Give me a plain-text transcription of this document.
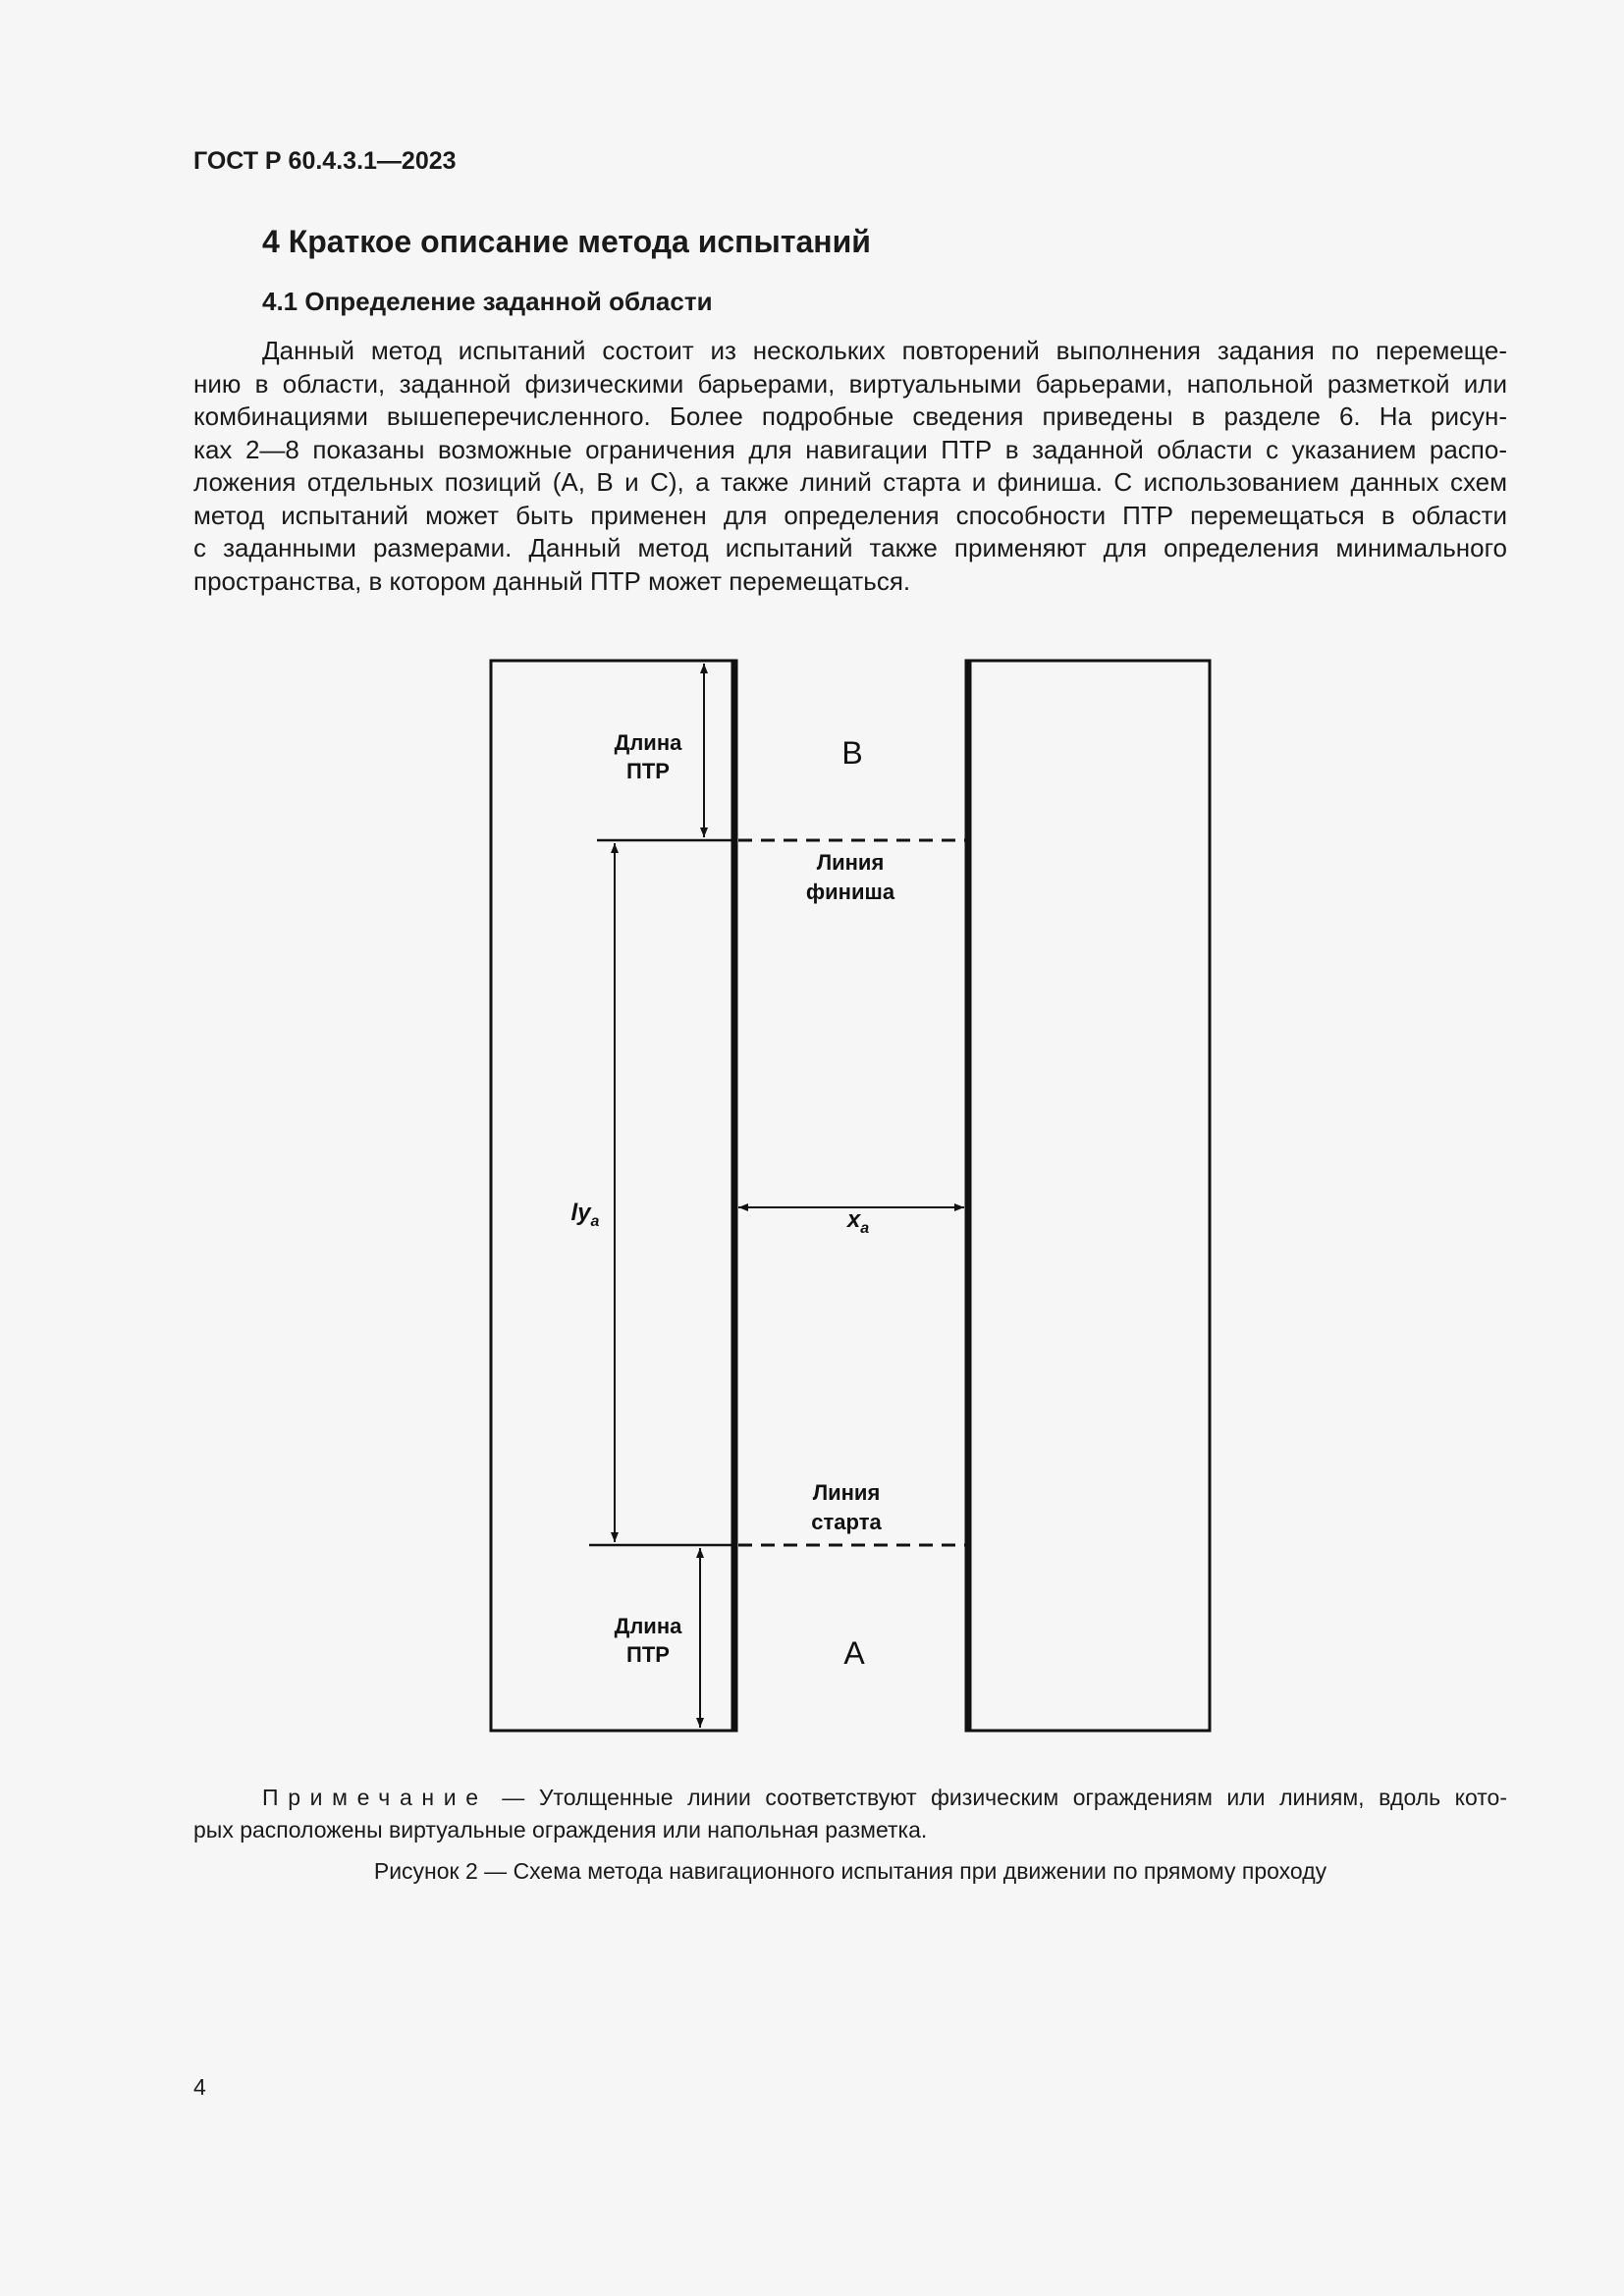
ГОСТ Р 60.4.3.1—2023
4 Краткое описание метода испытаний
4.1 Определение заданной области
Данный метод испытаний состоит из нескольких повторений выполнения задания по перемеще-
нию в области, заданной физическими барьерами, виртуальными барьерами, напольной разметкой или
комбинациями вышеперечисленного. Более подробные сведения приведены в разделе 6. На рисун-
ках 2—8 показаны возможные ограничения для навигации ПТР в заданной области с указанием распо-
ложения отдельных позиций (А, В и С), а также линий старта и финиша. С использованием данных схем
метод испытаний может быть применен для определения способности ПТР перемещаться в области
с заданными размерами. Данный метод испытаний также применяют для определения минимального
пространства, в котором данный ПТР может перемещаться.
Длина
ПТР
В
Линия
финиша
$ly_a$	$x_a$
Линия
старта
Длина
ПТР	А
Примечание — Утолщенные линии соответствуют физическим ограждениям или линиям, вдоль кото-
рых расположены виртуальные ограждения или напольная разметка.
Рисунок 2 — Схема метода навигационного испытания при движении по прямому проходу
4
